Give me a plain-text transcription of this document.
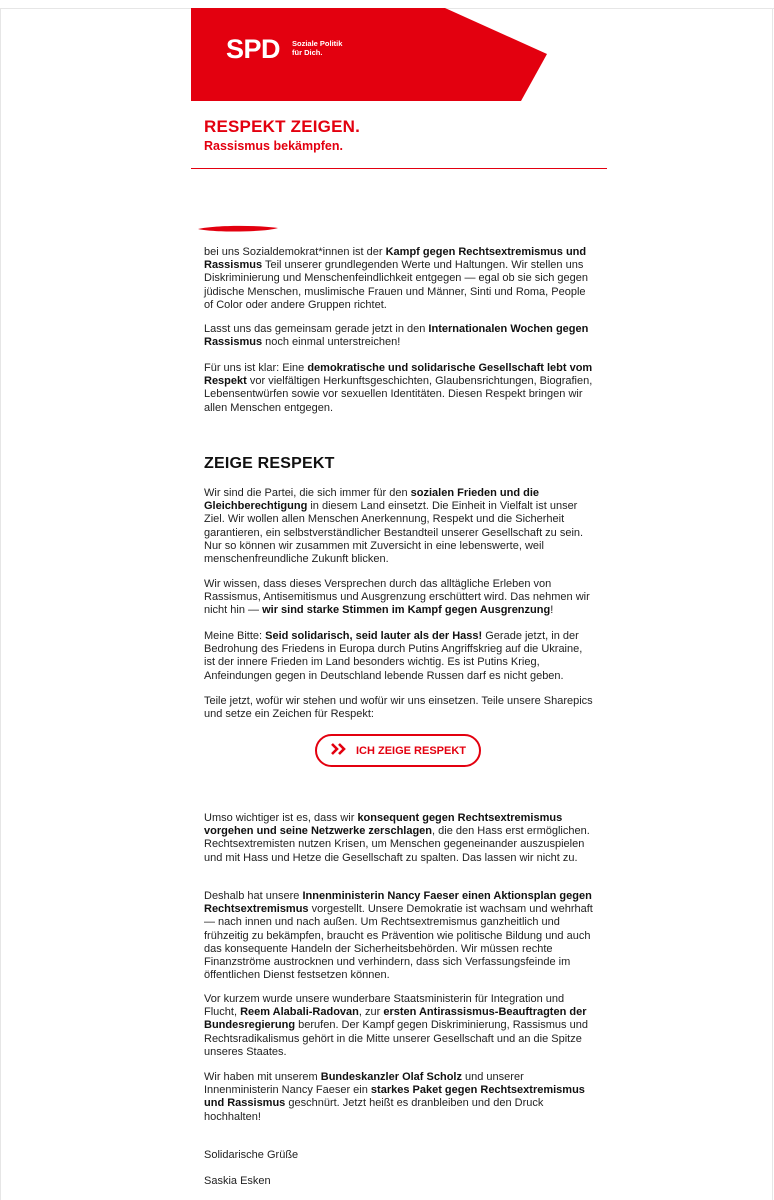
SPD Soziale Politik für Dich.
RESPEKT ZEIGEN.
Rassismus bekämpfen.

bei uns Sozialdemokrat*innen ist der Kampf gegen Rechtsextremismus und Rassismus Teil unserer grundlegenden Werte und Haltungen. Wir stellen uns Diskriminierung und Menschenfeindlichkeit entgegen — egal ob sie sich gegen jüdische Menschen, muslimische Frauen und Männer, Sinti und Roma, People of Color oder andere Gruppen richtet.

Lasst uns das gemeinsam gerade jetzt in den Internationalen Wochen gegen Rassismus noch einmal unterstreichen!

Für uns ist klar: Eine demokratische und solidarische Gesellschaft lebt vom Respekt vor vielfältigen Herkunftsgeschichten, Glaubensrichtungen, Biografien, Lebensentwürfen sowie vor sexuellen Identitäten. Diesen Respekt bringen wir allen Menschen entgegen.

ZEIGE RESPEKT

Wir sind die Partei, die sich immer für den sozialen Frieden und die Gleichberechtigung in diesem Land einsetzt. Die Einheit in Vielfalt ist unser Ziel. Wir wollen allen Menschen Anerkennung, Respekt und die Sicherheit garantieren, ein selbstverständlicher Bestandteil unserer Gesellschaft zu sein. Nur so können wir zusammen mit Zuversicht in eine lebenswerte, weil menschenfreundliche Zukunft blicken.

Wir wissen, dass dieses Versprechen durch das alltägliche Erleben von Rassismus, Antisemitismus und Ausgrenzung erschüttert wird. Das nehmen wir nicht hin — wir sind starke Stimmen im Kampf gegen Ausgrenzung!

Meine Bitte: Seid solidarisch, seid lauter als der Hass! Gerade jetzt, in der Bedrohung des Friedens in Europa durch Putins Angriffskrieg auf die Ukraine, ist der innere Frieden im Land besonders wichtig. Es ist Putins Krieg, Anfeindungen gegen in Deutschland lebende Russen darf es nicht geben.

Teile jetzt, wofür wir stehen und wofür wir uns einsetzen. Teile unsere Sharepics und setze ein Zeichen für Respekt:

ICH ZEIGE RESPEKT

Umso wichtiger ist es, dass wir konsequent gegen Rechtsextremismus vorgehen und seine Netzwerke zerschlagen, die den Hass erst ermöglichen. Rechtsextremisten nutzen Krisen, um Menschen gegeneinander auszuspielen und mit Hass und Hetze die Gesellschaft zu spalten. Das lassen wir nicht zu.

Deshalb hat unsere Innenministerin Nancy Faeser einen Aktionsplan gegen Rechtsextremismus vorgestellt. Unsere Demokratie ist wachsam und wehrhaft — nach innen und nach außen. Um Rechtsextremismus ganzheitlich und frühzeitig zu bekämpfen, braucht es Prävention wie politische Bildung und auch das konsequente Handeln der Sicherheitsbehörden. Wir müssen rechte Finanzströme austrocknen und verhindern, dass sich Verfassungsfeinde im öffentlichen Dienst festsetzen können.

Vor kurzem wurde unsere wunderbare Staatsministerin für Integration und Flucht, Reem Alabali-Radovan, zur ersten Antirassismus-Beauftragten der Bundesregierung berufen. Der Kampf gegen Diskriminierung, Rassismus und Rechtsradikalismus gehört in die Mitte unserer Gesellschaft und an die Spitze unseres Staates.

Wir haben mit unserem Bundeskanzler Olaf Scholz und unserer Innenministerin Nancy Faeser ein starkes Paket gegen Rechtsextremismus und Rassismus geschnürt. Jetzt heißt es dranbleiben und den Druck hochhalten!

Solidarische Grüße
Saskia Esken
